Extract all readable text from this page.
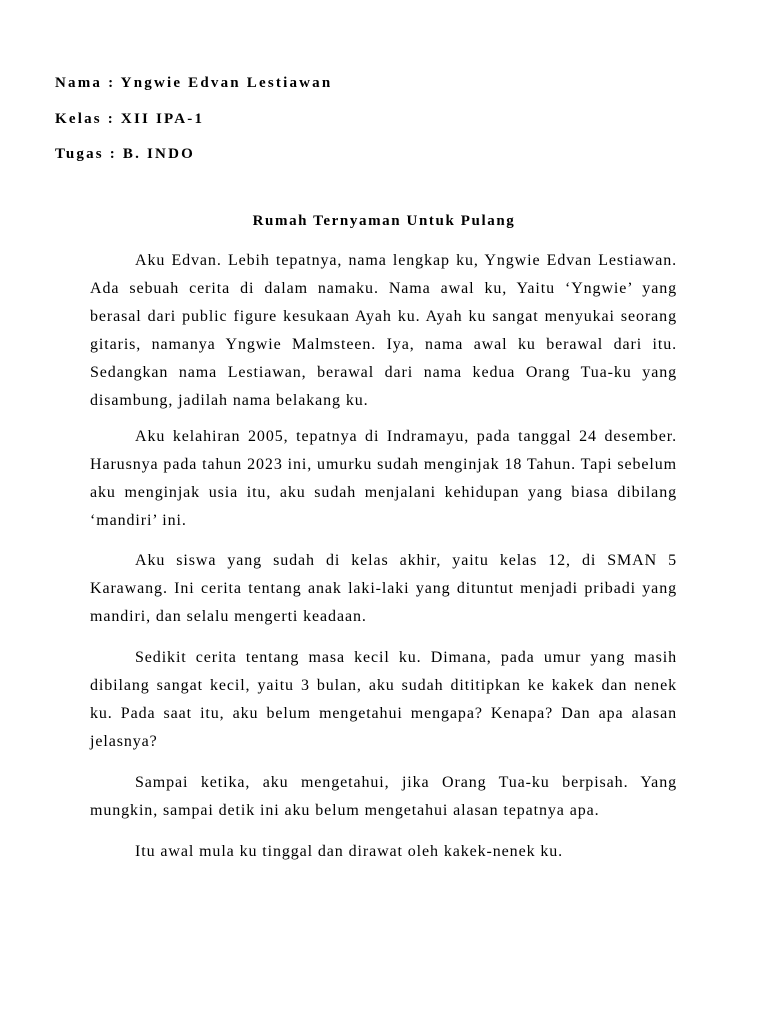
Nama : Yngwie Edvan Lestiawan
Kelas : XII IPA-1
Tugas : B. INDO
Rumah Ternyaman Untuk Pulang

Aku Edvan. Lebih tepatnya, nama lengkap ku, Yngwie Edvan Lestiawan. Ada sebuah cerita di dalam namaku. Nama awal ku, Yaitu ‘Yngwie’ yang berasal dari public figure kesukaan Ayah ku. Ayah ku sangat menyukai seorang gitaris, namanya Yngwie Malmsteen. Iya, nama awal ku berawal dari itu. Sedangkan nama Lestiawan, berawal dari nama kedua Orang Tua-ku yang disambung, jadilah nama belakang ku.

Aku kelahiran 2005, tepatnya di Indramayu, pada tanggal 24 desember. Harusnya pada tahun 2023 ini, umurku sudah menginjak 18 Tahun. Tapi sebelum aku menginjak usia itu, aku sudah menjalani kehidupan yang biasa dibilang ‘mandiri’ ini.

Aku siswa yang sudah di kelas akhir, yaitu kelas 12, di SMAN 5 Karawang. Ini cerita tentang anak laki-laki yang dituntut menjadi pribadi yang mandiri, dan selalu mengerti keadaan.

Sedikit cerita tentang masa kecil ku. Dimana, pada umur yang masih dibilang sangat kecil, yaitu 3 bulan, aku sudah dititipkan ke kakek dan nenek ku. Pada saat itu, aku belum mengetahui mengapa? Kenapa? Dan apa alasan jelasnya?

Sampai ketika, aku mengetahui, jika Orang Tua-ku berpisah. Yang mungkin, sampai detik ini aku belum mengetahui alasan tepatnya apa.

Itu awal mula ku tinggal dan dirawat oleh kakek-nenek ku.
